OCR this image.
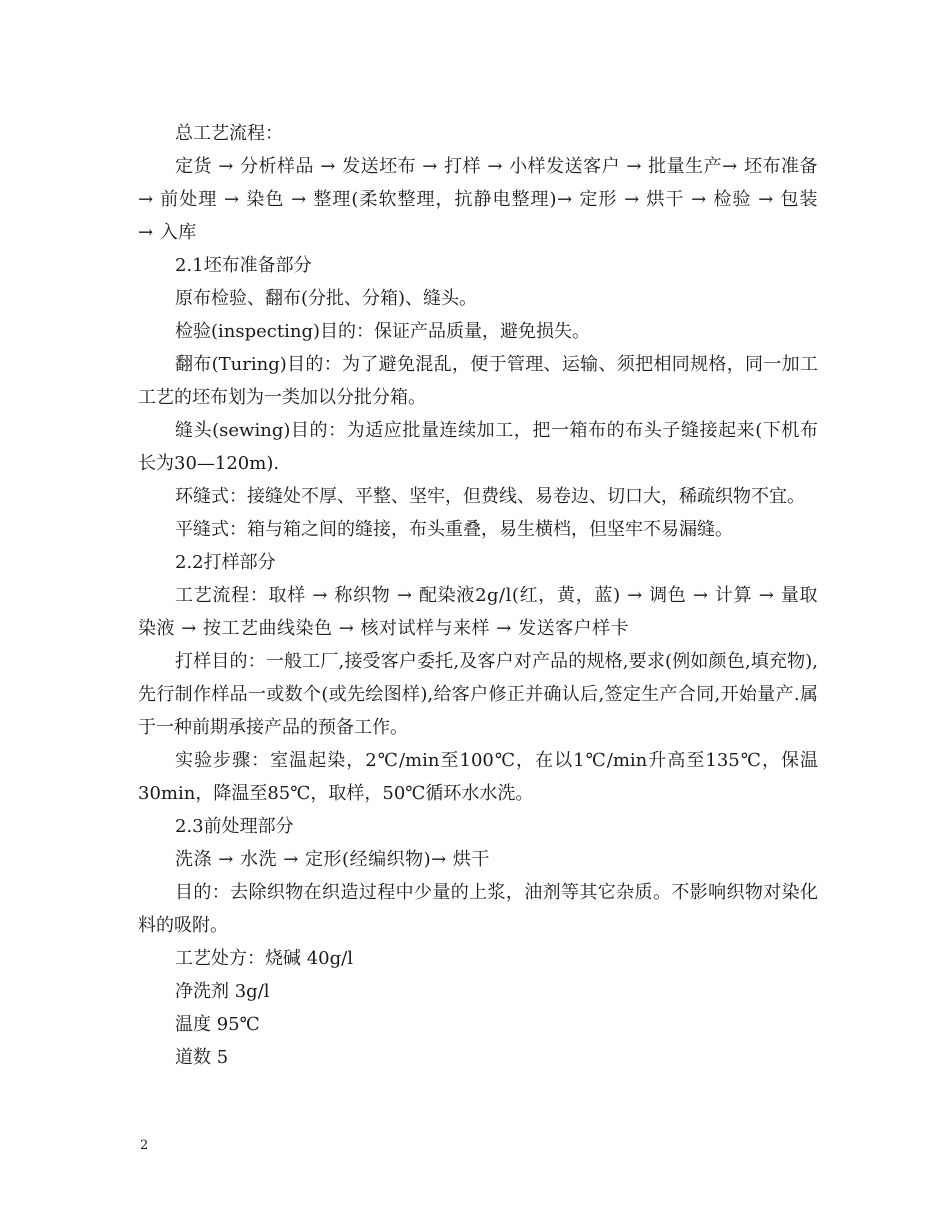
总工艺流程：

定货 → 分析样品 → 发送坯布 → 打样 → 小样发送客户 → 批量生产→ 坯布准备 → 前处理 → 染色 → 整理(柔软整理，抗静电整理)→ 定形 → 烘干 → 检验 → 包装 → 入库

2.1坯布准备部分

原布检验、翻布(分批、分箱)、缝头。

检验(inspecting)目的：保证产品质量，避免损失。

翻布(Turing)目的：为了避免混乱，便于管理、运输、须把相同规格，同一加工工艺的坯布划为一类加以分批分箱。

缝头(sewing)目的：为适应批量连续加工，把一箱布的布头子缝接起来(下机布长为30—120m).

环缝式：接缝处不厚、平整、坚牢，但费线、易卷边、切口大，稀疏织物不宜。

平缝式：箱与箱之间的缝接，布头重叠，易生横档，但坚牢不易漏缝。

2.2打样部分

工艺流程：取样 → 称织物 → 配染液2g/l(红，黄，蓝) → 调色 → 计算 → 量取染液 → 按工艺曲线染色 → 核对试样与来样 → 发送客户样卡

打样目的：一般工厂,接受客户委托,及客户对产品的规格,要求(例如颜色,填充物),先行制作样品一或数个(或先绘图样),给客户修正并确认后,签定生产合同,开始量产.属于一种前期承接产品的预备工作。

实验步骤：室温起染，2℃/min至100℃，在以1℃/min升高至135℃，保温30min，降温至85℃，取样，50℃循环水水洗。

2.3前处理部分

洗涤 → 水洗 → 定形(经编织物)→ 烘干

目的：去除织物在织造过程中少量的上浆，油剂等其它杂质。不影响织物对染化料的吸附。

工艺处方：烧碱 40g/l

净洗剂 3g/l

温度 95℃

道数 5

2
